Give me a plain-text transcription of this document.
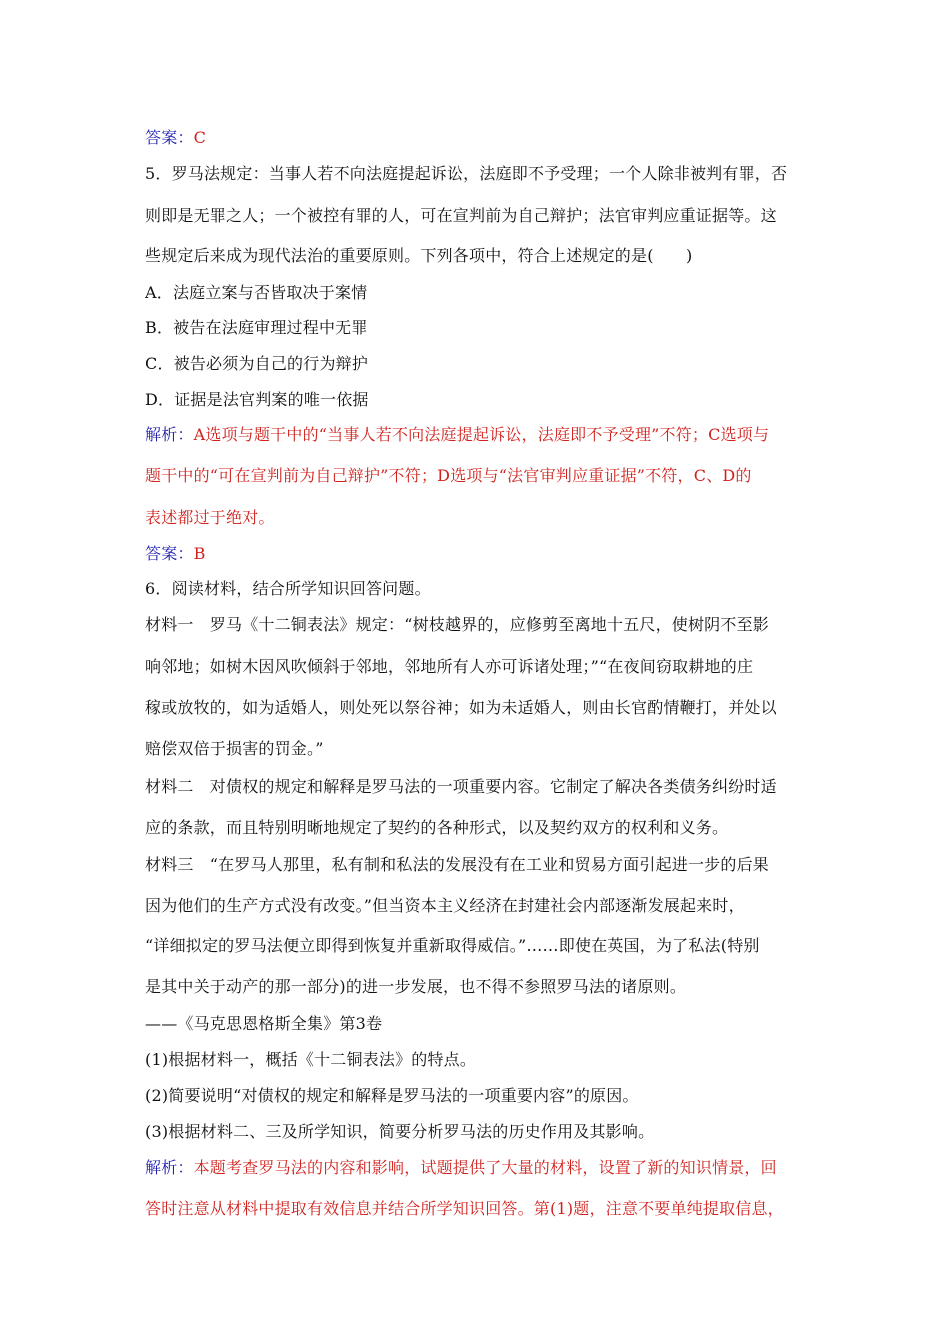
答案：C
5．罗马法规定：当事人若不向法庭提起诉讼，法庭即不予受理；一个人除非被判有罪，否
则即是无罪之人；一个被控有罪的人，可在宣判前为自己辩护；法官审判应重证据等。这
些规定后来成为现代法治的重要原则。下列各项中，符合上述规定的是(　　)
A．法庭立案与否皆取决于案情
B．被告在法庭审理过程中无罪
C．被告必须为自己的行为辩护
D．证据是法官判案的唯一依据
解析：A选项与题干中的“当事人若不向法庭提起诉讼，法庭即不予受理”不符；C选项与
题干中的“可在宣判前为自己辩护”不符；D选项与“法官审判应重证据”不符，C、D的
表述都过于绝对。
答案：B
6．阅读材料，结合所学知识回答问题。
材料一　罗马《十二铜表法》规定：“树枝越界的，应修剪至离地十五尺，使树阴不至影
响邻地；如树木因风吹倾斜于邻地，邻地所有人亦可诉诸处理；”“在夜间窃取耕地的庄
稼或放牧的，如为适婚人，则处死以祭谷神；如为未适婚人，则由长官酌情鞭打，并处以
赔偿双倍于损害的罚金。”
材料二　对债权的规定和解释是罗马法的一项重要内容。它制定了解决各类债务纠纷时适
应的条款，而且特别明晰地规定了契约的各种形式，以及契约双方的权利和义务。
材料三　“在罗马人那里，私有制和私法的发展没有在工业和贸易方面引起进一步的后果
因为他们的生产方式没有改变。”但当资本主义经济在封建社会内部逐渐发展起来时，
“详细拟定的罗马法便立即得到恢复并重新取得威信。”……即使在英国，为了私法(特别
是其中关于动产的那一部分)的进一步发展，也不得不参照罗马法的诸原则。
——《马克思恩格斯全集》第3卷
(1)根据材料一，概括《十二铜表法》的特点。
(2)简要说明“对债权的规定和解释是罗马法的一项重要内容”的原因。
(3)根据材料二、三及所学知识，简要分析罗马法的历史作用及其影响。
解析：本题考查罗马法的内容和影响，试题提供了大量的材料，设置了新的知识情景，回
答时注意从材料中提取有效信息并结合所学知识回答。第(1)题，注意不要单纯提取信息，
